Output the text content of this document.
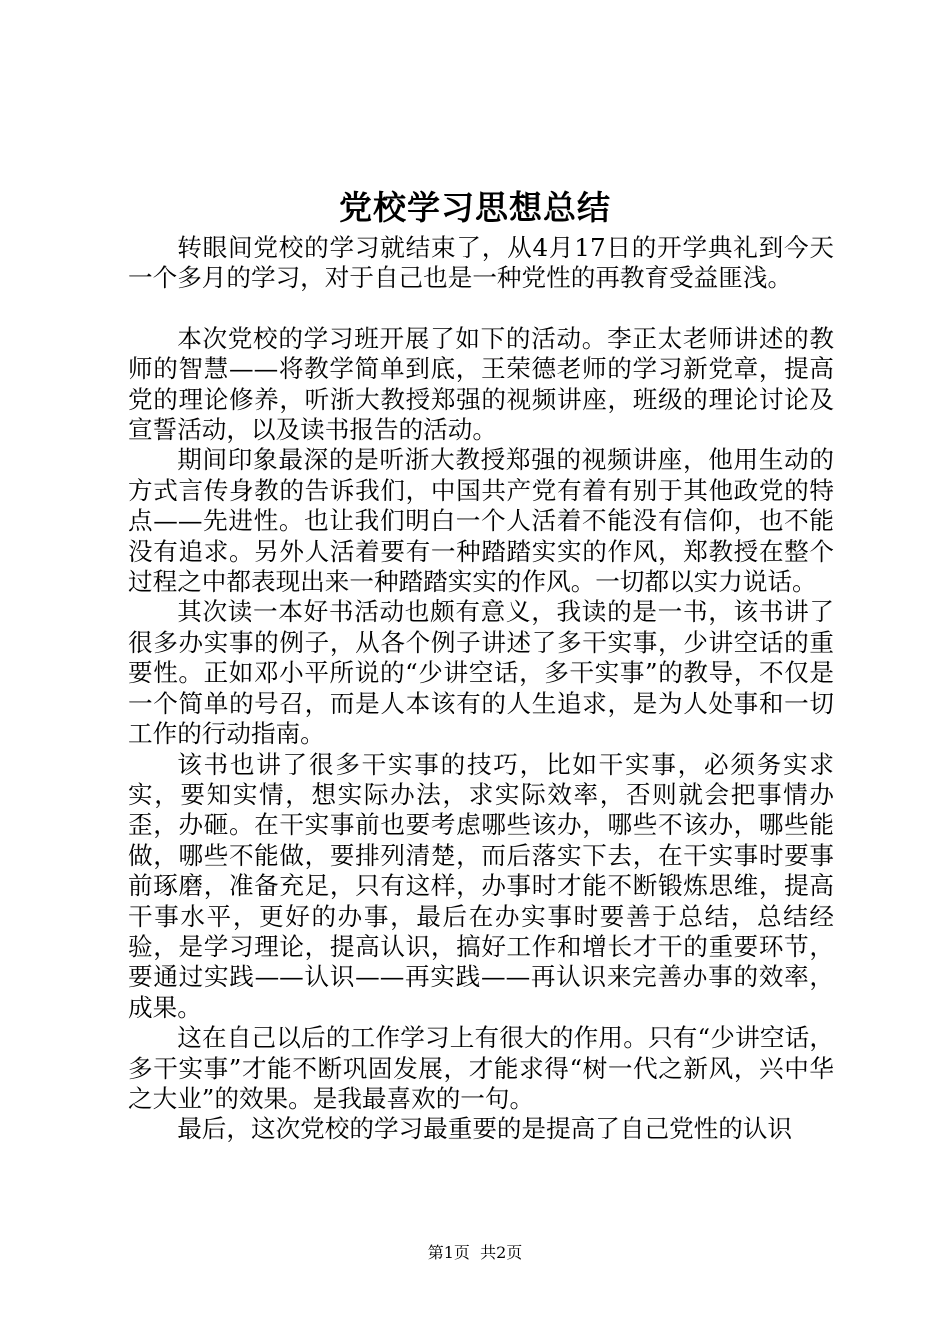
党校学习思想总结

转眼间党校的学习就结束了，从4月17日的开学典礼到今天一个多月的学习，对于自己也是一种党性的再教育受益匪浅。

本次党校的学习班开展了如下的活动。李正太老师讲述的教师的智慧——将教学简单到底，王荣德老师的学习新党章，提高党的理论修养，听浙大教授郑强的视频讲座，班级的理论讨论及宣誓活动，以及读书报告的活动。

期间印象最深的是听浙大教授郑强的视频讲座，他用生动的方式言传身教的告诉我们，中国共产党有着有别于其他政党的特点——先进性。也让我们明白一个人活着不能没有信仰，也不能没有追求。另外人活着要有一种踏踏实实的作风，郑教授在整个过程之中都表现出来一种踏踏实实的作风。一切都以实力说话。

其次读一本好书活动也颇有意义，我读的是一书，该书讲了很多办实事的例子，从各个例子讲述了多干实事，少讲空话的重要性。正如邓小平所说的“少讲空话，多干实事”的教导，不仅是一个简单的号召，而是人本该有的人生追求，是为人处事和一切工作的行动指南。

该书也讲了很多干实事的技巧，比如干实事，必须务实求实，要知实情，想实际办法，求实际效率，否则就会把事情办歪，办砸。在干实事前也要考虑哪些该办，哪些不该办，哪些能做，哪些不能做，要排列清楚，而后落实下去，在干实事时要事前琢磨，准备充足，只有这样，办事时才能不断锻炼思维，提高干事水平，更好的办事，最后在办实事时要善于总结，总结经验，是学习理论，提高认识，搞好工作和增长才干的重要环节，要通过实践——认识——再实践——再认识来完善办事的效率，成果。

这在自己以后的工作学习上有很大的作用。只有“少讲空话，多干实事”才能不断巩固发展，才能求得“树一代之新风，兴中华之大业”的效果。是我最喜欢的一句。

最后，这次党校的学习最重要的是提高了自己党性的认识

第1页  共2页
